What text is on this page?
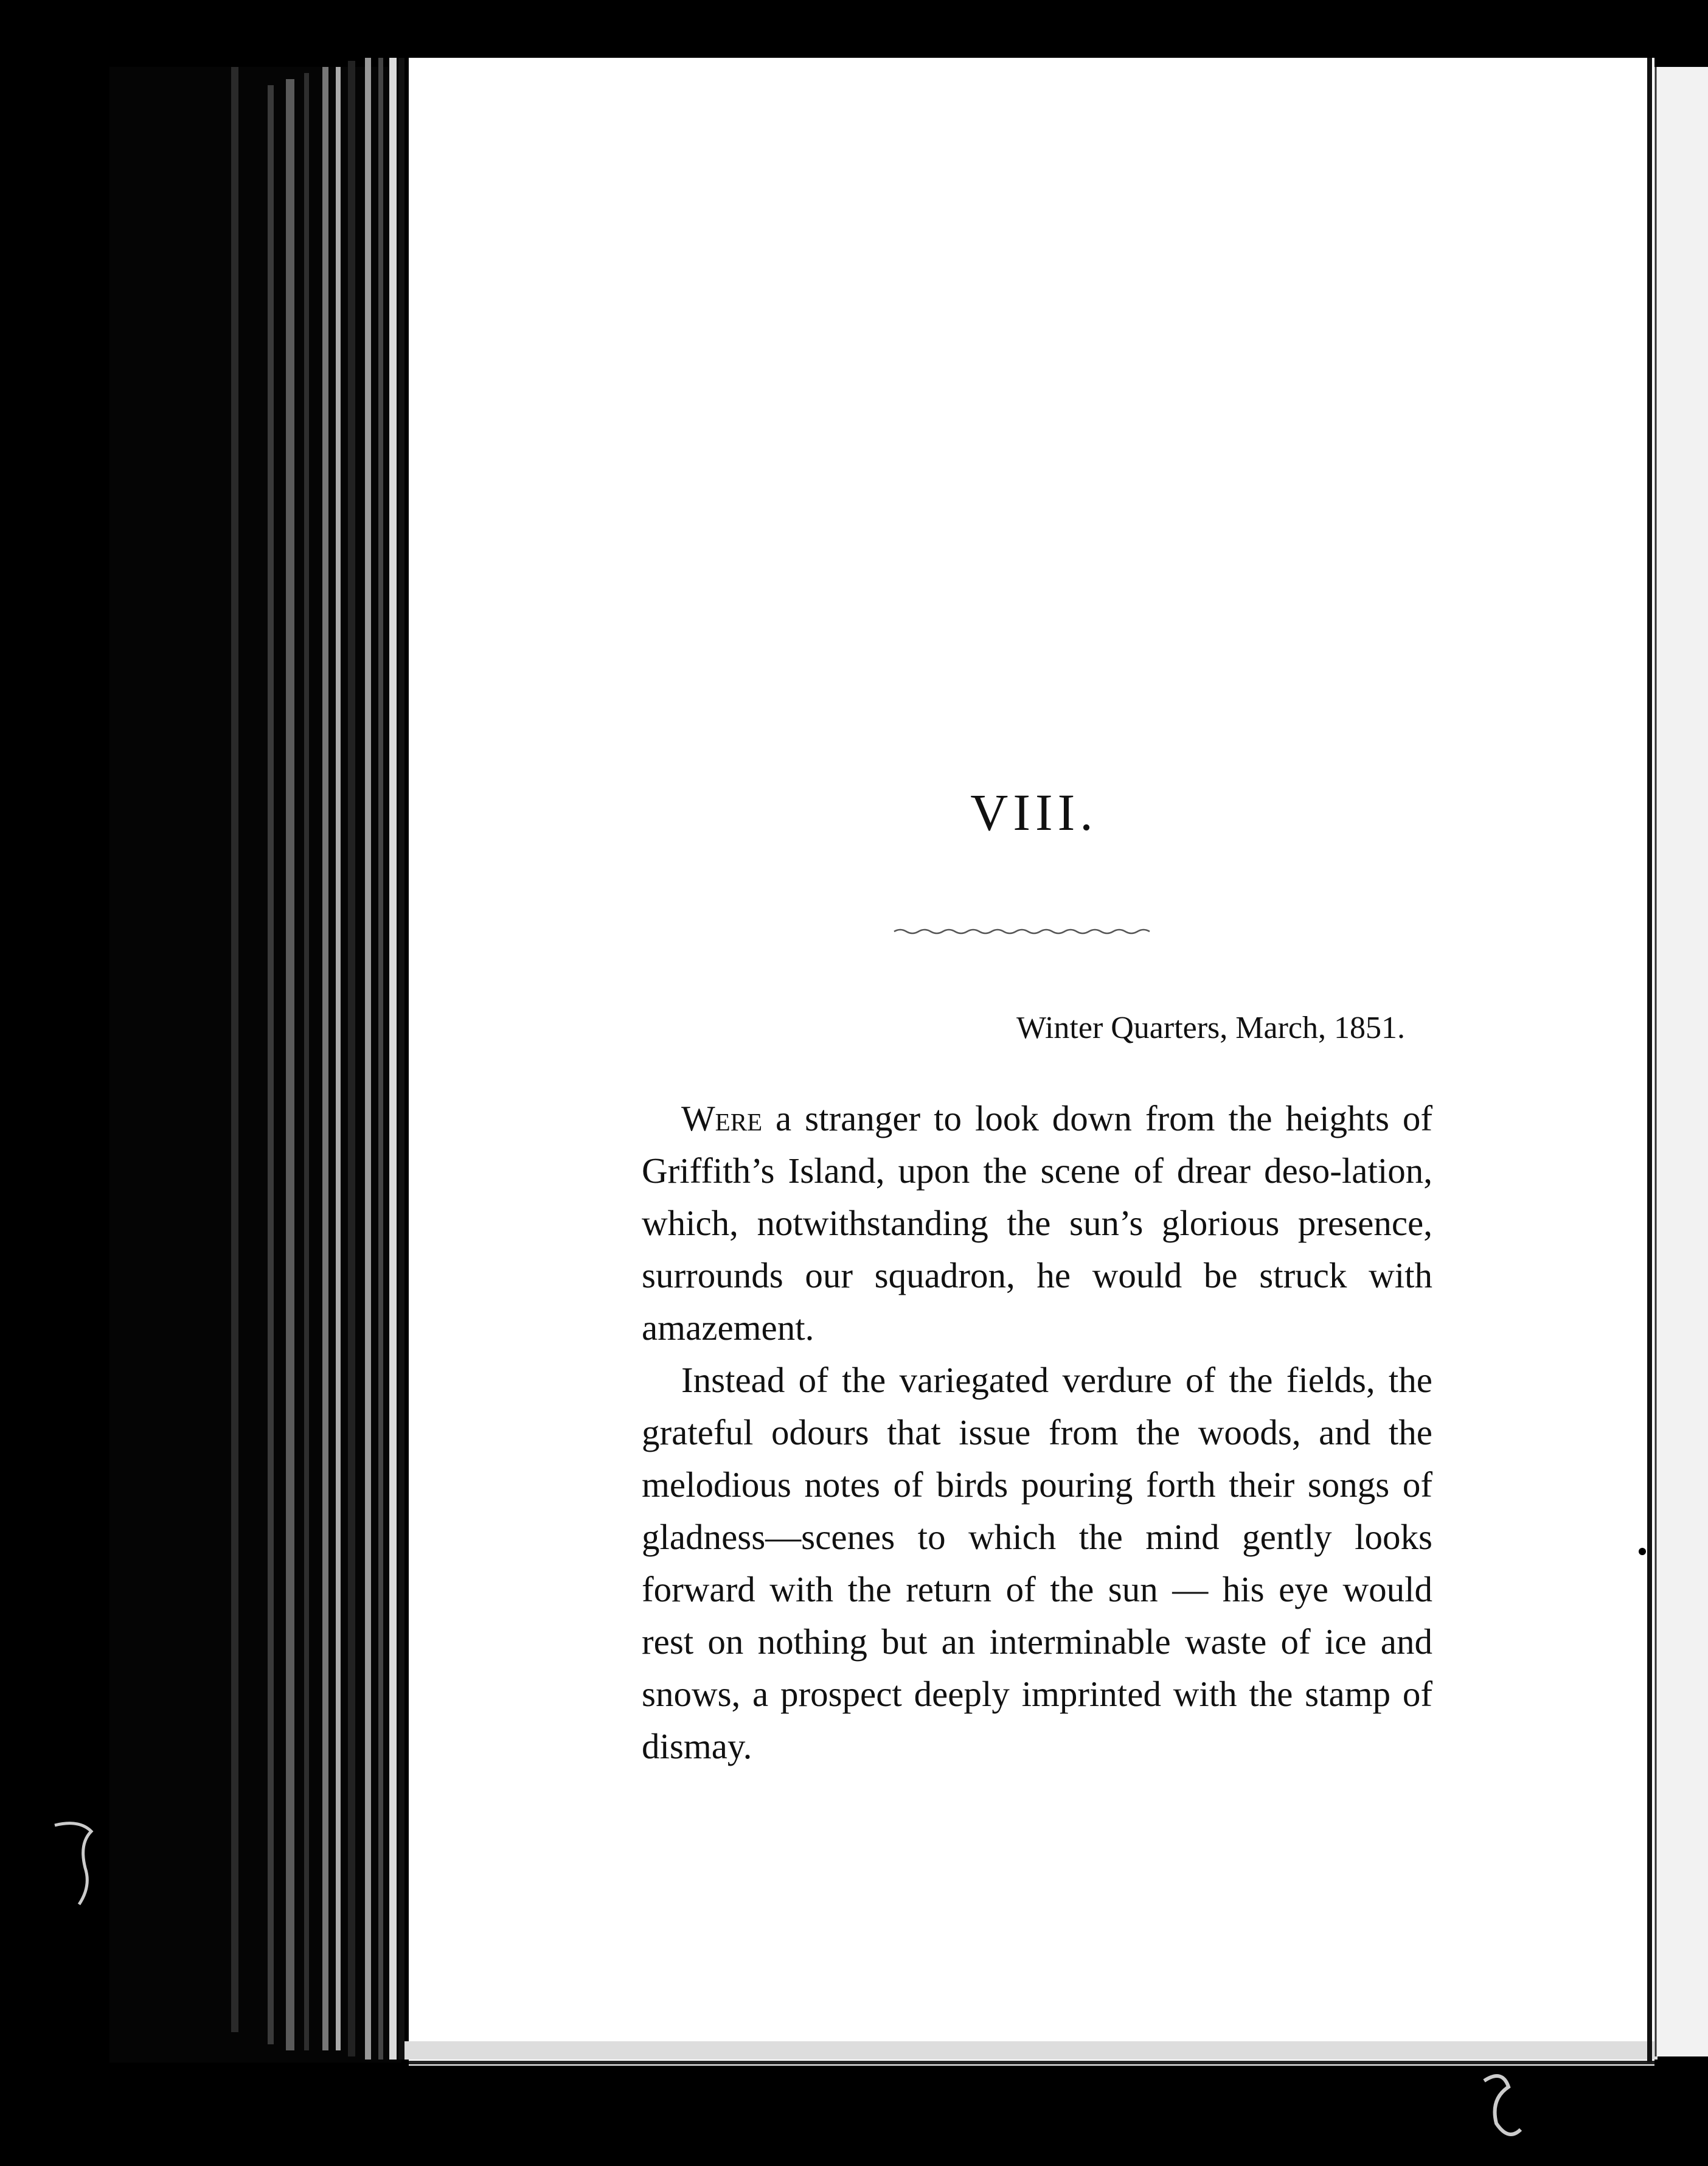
VIII.
Winter Quarters, March, 1851.

Were a stranger to look down from the heights of Griffith’s Island, upon the scene of drear deso-lation, which, notwithstanding the sun’s glorious presence, surrounds our squadron, he would be struck with amazement.

Instead of the variegated verdure of the fields, the grateful odours that issue from the woods, and the melodious notes of birds pouring forth their songs of gladness—scenes to which the mind gently looks forward with the return of the sun — his eye would rest on nothing but an interminable waste of ice and snows, a prospect deeply imprinted with the stamp of dismay.
